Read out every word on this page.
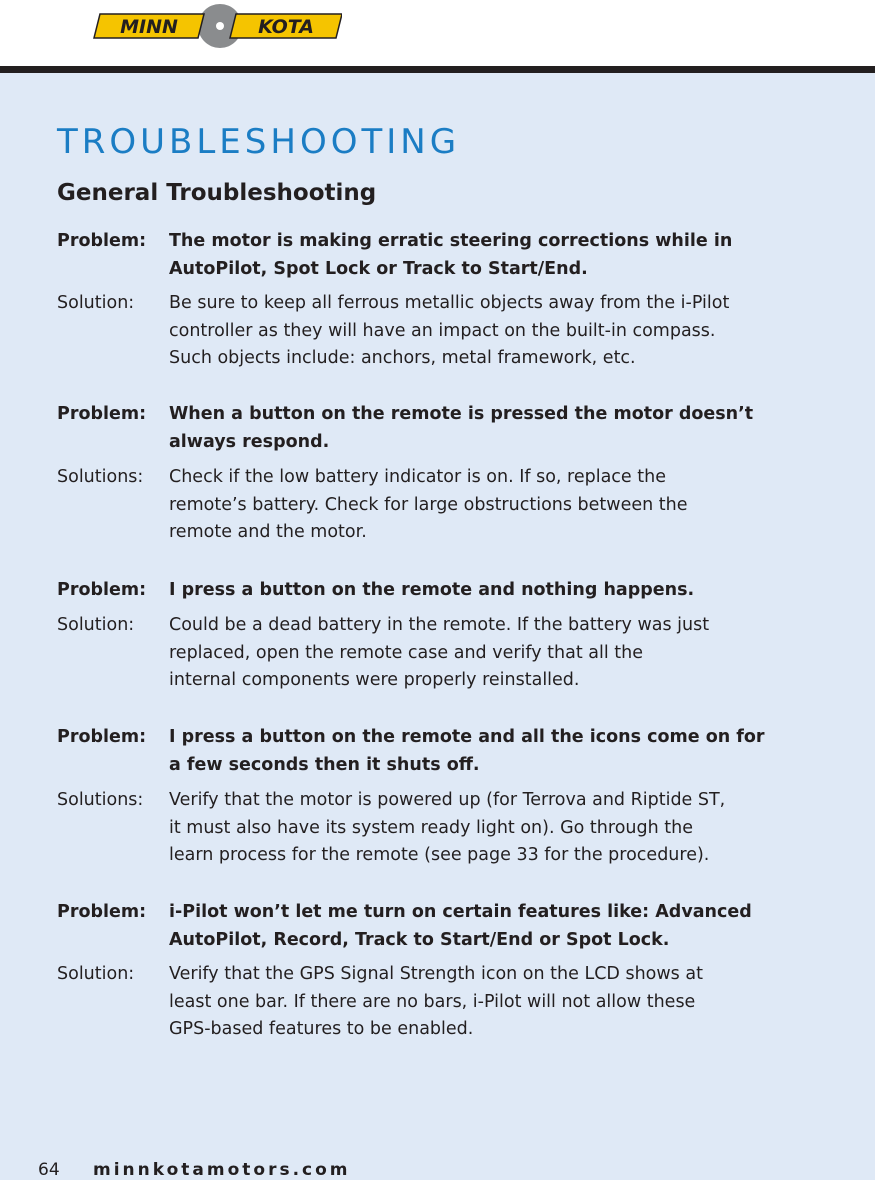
MINN	KOTA
TROUBLESHOOTING
General Troubleshooting
Problem: The motor is making erratic steering corrections while in
AutoPilot, Spot Lock or Track to Start/End.
Solution: Be sure to keep all ferrous metallic objects away from the i-Pilot
controller as they will have an impact on the built-in compass.
Such objects include: anchors, metal framework, etc.
Problem: When a button on the remote is pressed the motor doesn’t
always respond.
Solutions: Check if the low battery indicator is on. If so, replace the
remote’s battery. Check for large obstructions between the
remote and the motor.
Problem: I press a button on the remote and nothing happens.
Solution: Could be a dead battery in the remote. If the battery was just
replaced, open the remote case and verify that all the
internal components were properly reinstalled.
Problem: I press a button on the remote and all the icons come on for
a few seconds then it shuts off.
Solutions: Verify that the motor is powered up (for Terrova and Riptide ST,
it must also have its system ready light on). Go through the
learn process for the remote (see page 33 for the procedure).
Problem: i-Pilot won’t let me turn on certain features like: Advanced
AutoPilot, Record, Track to Start/End or Spot Lock.
Solution: Verify that the GPS Signal Strength icon on the LCD shows at
least one bar. If there are no bars, i-Pilot will not allow these
GPS-based features to be enabled.
64 minnkotamotors.com
